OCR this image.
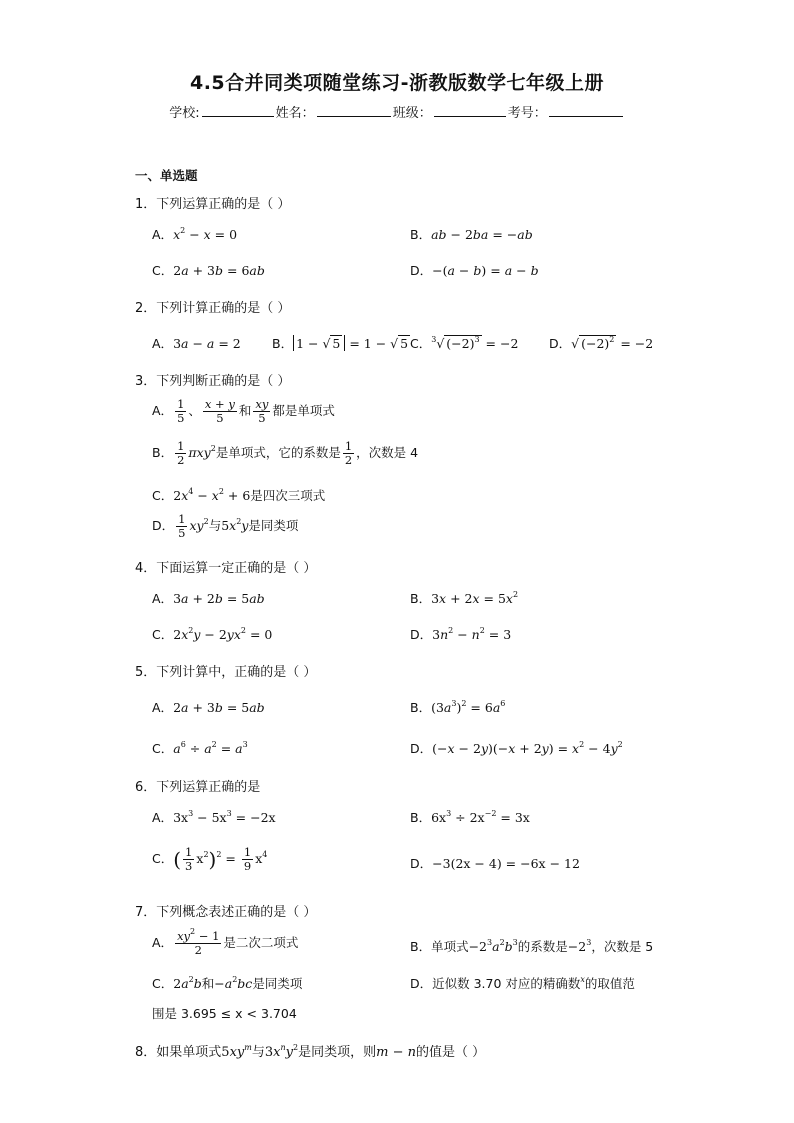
4.5合并同类项随堂练习-浙教版数学七年级上册
学校:	姓名：	班级：	考号：
一、单选题
1．下列运算正确的是（ ）
A．$x^2 - x = 0$	B．ab − 2ba = −ab
C．2a + 3b = 6ab	D．−(a − b) = a − b
2．下列计算正确的是（ ）
A．3a − a = 2	B． 1 − √ 5 = 1 − √ 5 C．$^3$√ $(-2)^3 = -2$ D．√ $(-2)^2 = -2$
3．下列判断正确的是（ ）
A． $\frac{1}{5}$ 、 $\frac{x + y}{5}$ 和 $\frac{xy}{5}$ 都是单项式
B． $\frac{1}{2} \pi xy^2$是单项式，它的系数是 $\frac{1}{2}$ ，次数是 4
C．$2x^4 - x^2 + 6$是四次三项式
D． $\frac{1}{5} xy^2$与$5x^2y$是同类项
4．下面运算一定正确的是（ ）
A．3a + 2b = 5ab	B．$3x + 2x = 5x^2$
C．$2x^2y - 2yx^2 = 0$	D．$3n^2 - n^2 = 3$
5．下列计算中，正确的是（ ）
A．2a + 3b = 5ab	B．$(3a^3)^2 = 6a^6$
C．$a^6 \div a^2 = a^3$	D．$(-x - 2y)(-x + 2y) = x^2 - 4y^2$
6．下列运算正确的是
A．$3x^3 - 5x^3 = -2x$	B．$6x^3 \div 2x^{-2} = 3x$
C．( $\frac{1}{3} x^2)^2 = \frac{1}{9} x^4$
D．−3(2x − 4) = −6x − 12
7．下列概念表述正确的是（ ）
A． $\frac{xy^2 - 1}{2}$ 是二次二项式	B．单项式$-2^3a^2b^3$的系数是$-2^3$，次数是 5
C．$2a^2b$和$-a^2bc$是同类项	D．近似数 3.70 对应的精确数$^x$的取值范
围是 3.695 ≤ x < 3.704
8．如果单项式$5xy^m$与$3x^ny^2$是同类项，则m − n的值是（ ）
